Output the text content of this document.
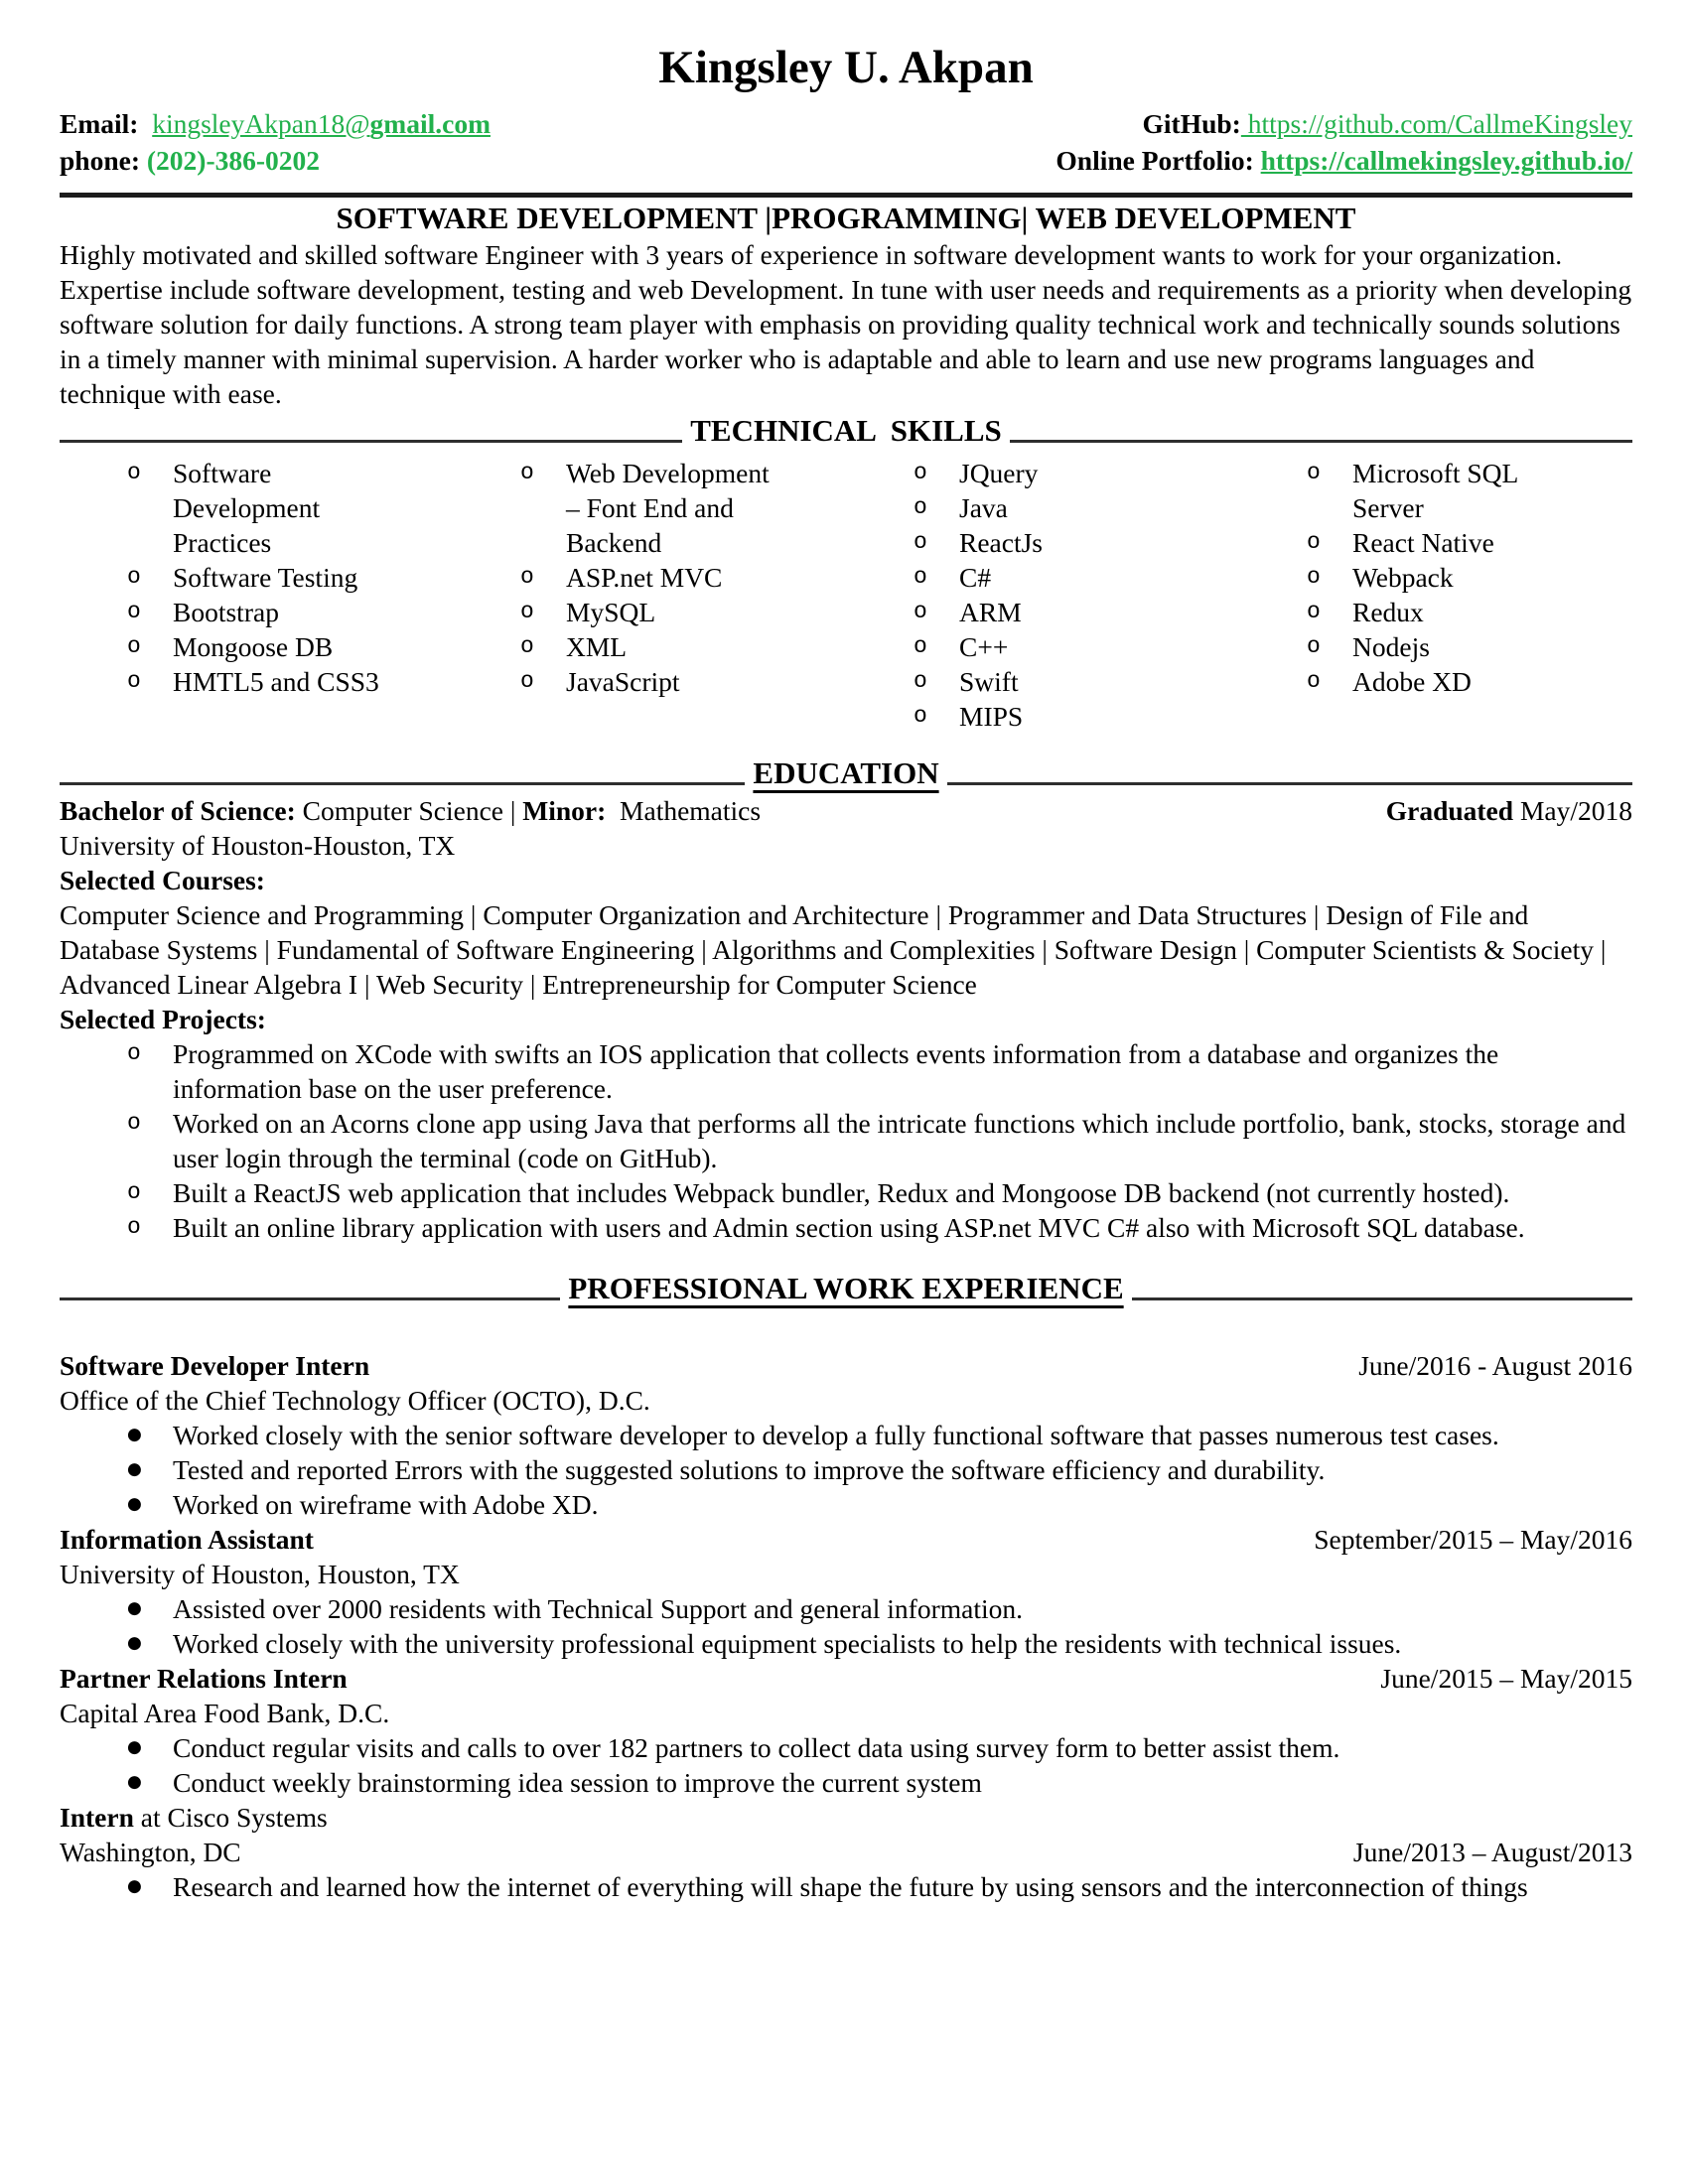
Kingsley U. Akpan
Email: kingsleyAkpan18@gmail.com
phone: (202)-386-0202
GitHub: https://github.com/CallmeKingsley
Online Portfolio: https://callmekingsley.github.io/
SOFTWARE DEVELOPMENT |PROGRAMMING| WEB DEVELOPMENT

Highly motivated and skilled software Engineer with 3 years of experience in software development wants to work for your organization. Expertise include software development, testing and web Development. In tune with user needs and requirements as a priority when developing software solution for daily functions. A strong team player with emphasis on providing quality technical work and technically sounds solutions in a timely manner with minimal supervision. A harder worker who is adaptable and able to learn and use new programs languages and technique with ease.

TECHNICAL  SKILLS
o	Software Development Practices
o	Software Testing
o	Bootstrap
o	Mongoose DB
o	HMTL5 and CSS3
o	Web Development – Font End and Backend
o	ASP.net MVC
o	MySQL
o	XML
o	JavaScript
o	JQuery
o	Java
o	ReactJs
o	C#
o	ARM
o	C++
o	Swift
o	MIPS
o	Microsoft SQL Server
o	React Native
o	Webpack
o	Redux
o	Nodejs
o	Adobe XD
EDUCATION
Bachelor of Science: Computer Science | Minor:  Mathematics	Graduated May/2018
University of Houston-Houston, TX
Selected Courses:

Computer Science and Programming | Computer Organization and Architecture | Programmer and Data Structures | Design of File and Database Systems | Fundamental of Software Engineering | Algorithms and Complexities | Software Design | Computer Scientists & Society | Advanced Linear Algebra I | Web Security | Entrepreneurship for Computer Science

Selected Projects:
o	Programmed on XCode with swifts an IOS application that collects events information from a database and organizes the information base on the user preference.
o	Worked on an Acorns clone app using Java that performs all the intricate functions which include portfolio, bank, stocks, storage and user login through the terminal (code on GitHub).
o	Built a ReactJS web application that includes Webpack bundler, Redux and Mongoose DB backend (not currently hosted).
o	Built an online library application with users and Admin section using ASP.net MVC C# also with Microsoft SQL database.
PROFESSIONAL WORK EXPERIENCE
Software Developer Intern	June/2016 - August 2016
Office of the Chief Technology Officer (OCTO), D.C.
●	Worked closely with the senior software developer to develop a fully functional software that passes numerous test cases.
●	Tested and reported Errors with the suggested solutions to improve the software efficiency and durability.
●	Worked on wireframe with Adobe XD.
Information Assistant	September/2015 – May/2016
University of Houston, Houston, TX
●	Assisted over 2000 residents with Technical Support and general information.
●	Worked closely with the university professional equipment specialists to help the residents with technical issues.
Partner Relations Intern	June/2015 – May/2015
Capital Area Food Bank, D.C.
●	Conduct regular visits and calls to over 182 partners to collect data using survey form to better assist them.
●	Conduct weekly brainstorming idea session to improve the current system
Intern at Cisco Systems
Washington, DC	June/2013 – August/2013
●	Research and learned how the internet of everything will shape the future by using sensors and the interconnection of things
